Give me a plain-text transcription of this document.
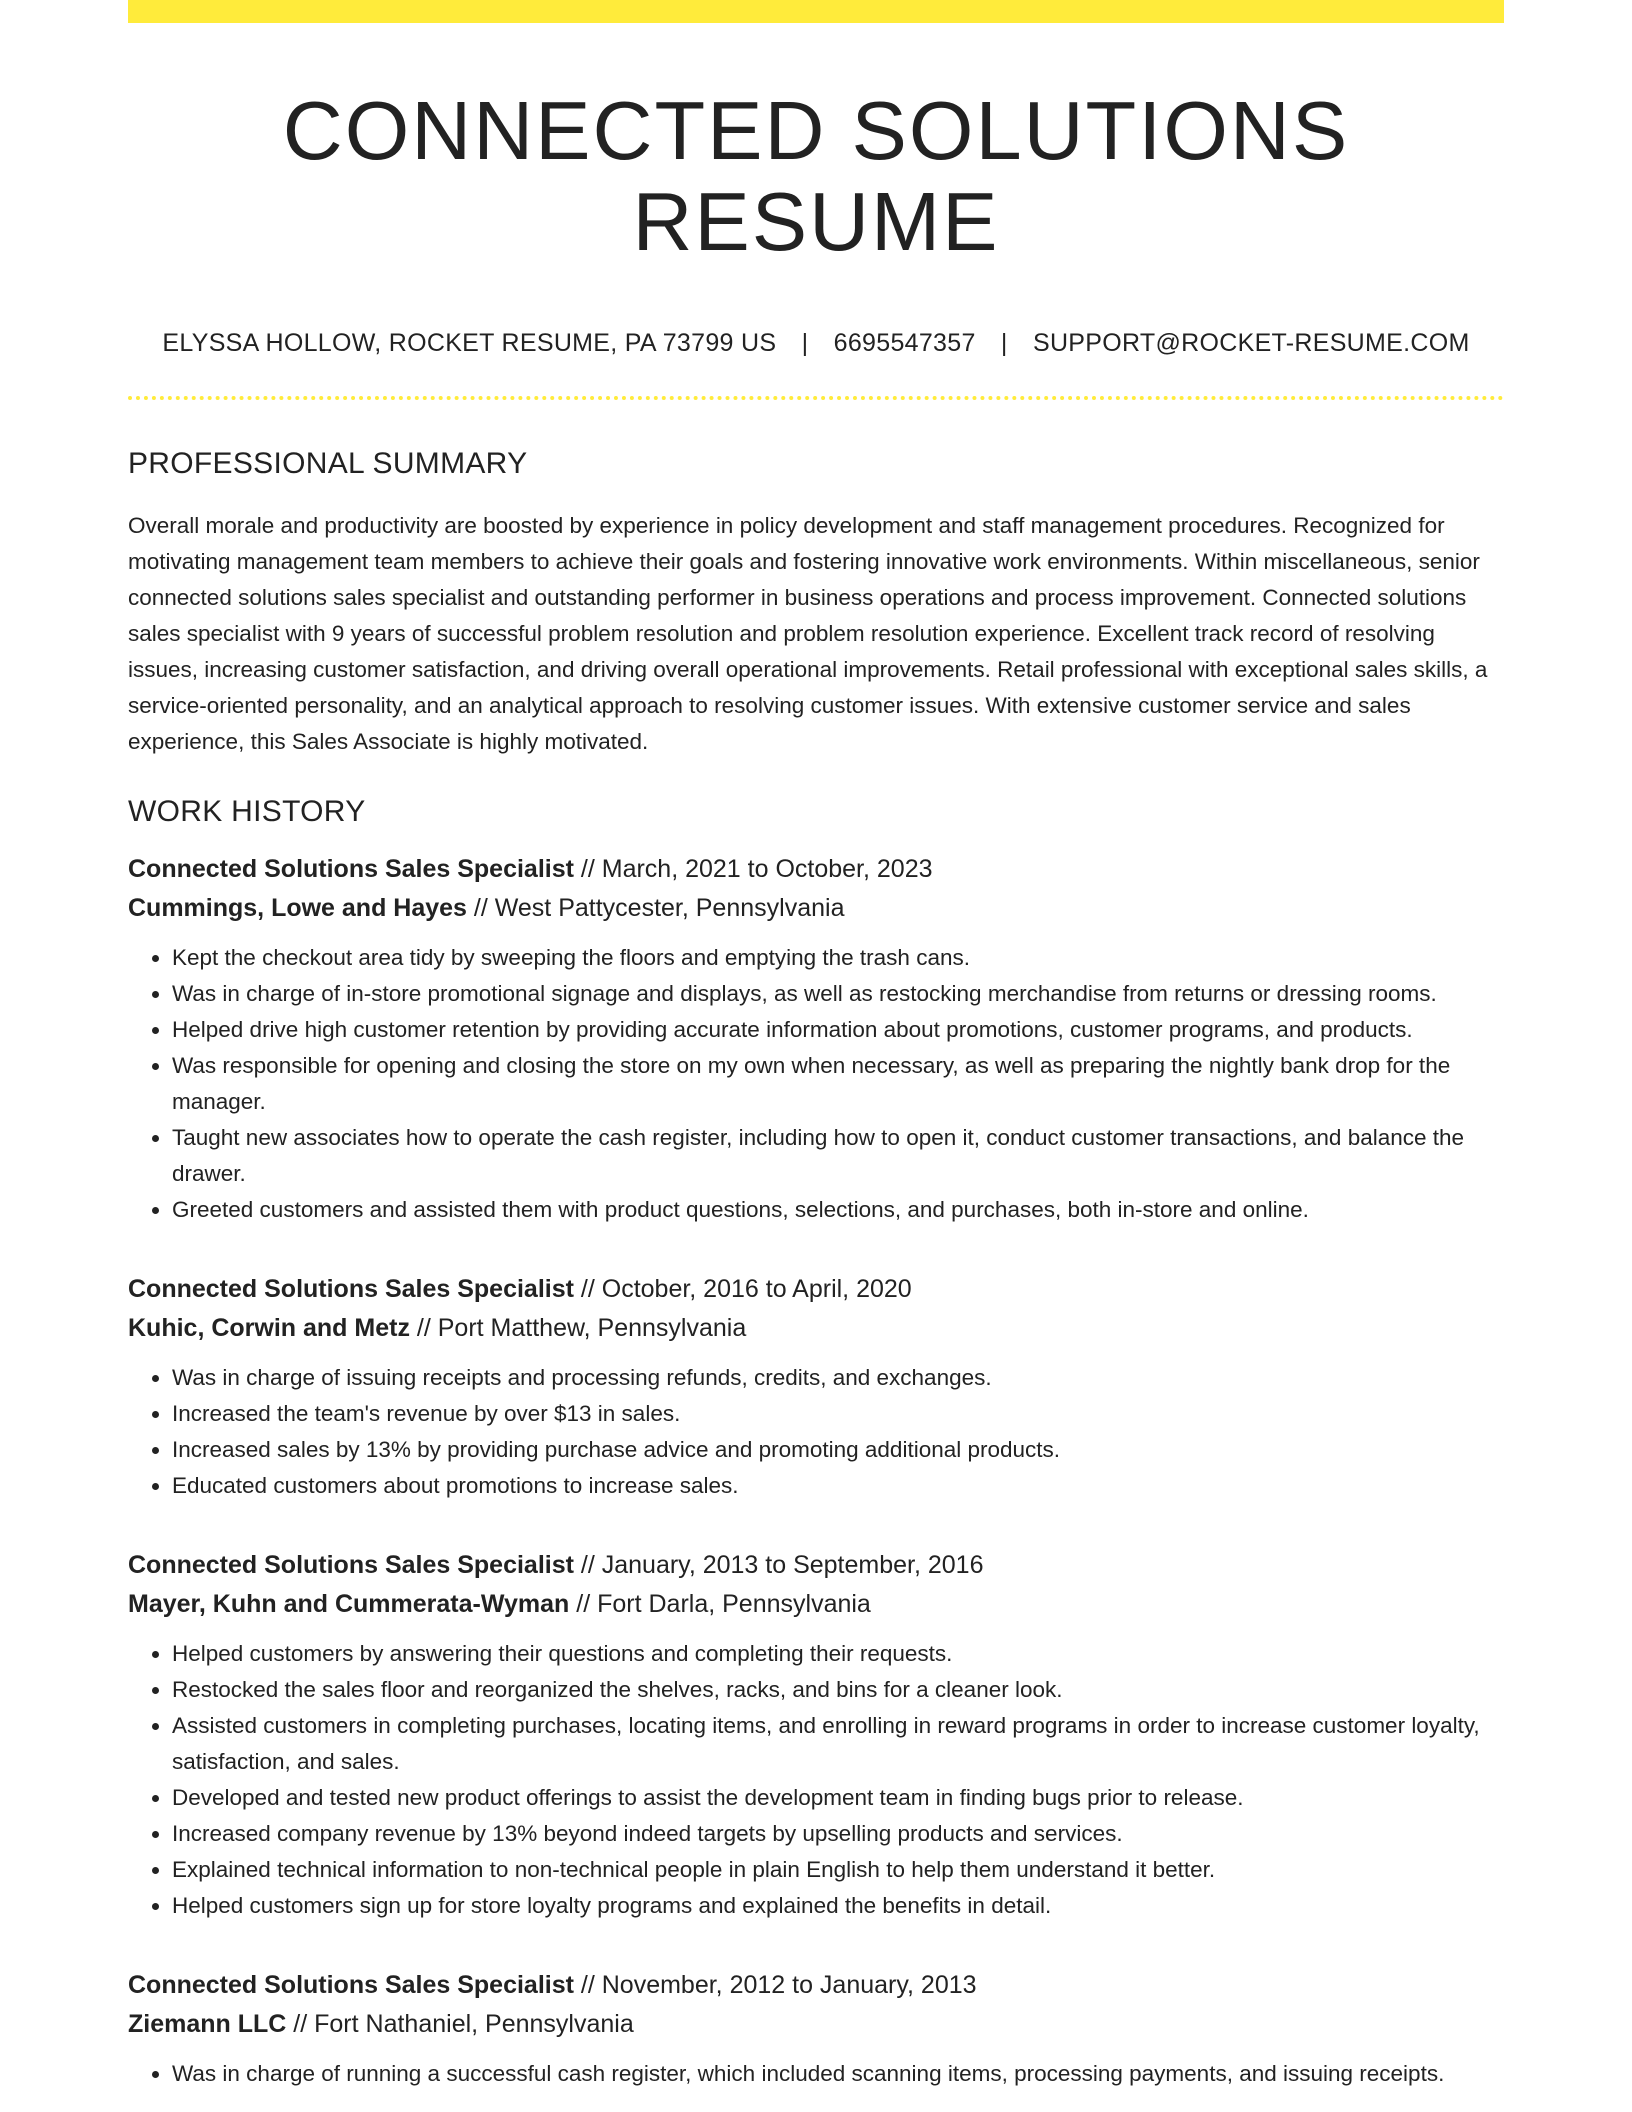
CONNECTED SOLUTIONS RESUME
ELYSSA HOLLOW, ROCKET RESUME, PA 73799 US | 6695547357 | SUPPORT@ROCKET-RESUME.COM
PROFESSIONAL SUMMARY

Overall morale and productivity are boosted by experience in policy development and staff management procedures. Recognized for motivating management team members to achieve their goals and fostering innovative work environments. Within miscellaneous, senior connected solutions sales specialist and outstanding performer in business operations and process improvement. Connected solutions sales specialist with 9 years of successful problem resolution and problem resolution experience. Excellent track record of resolving issues, increasing customer satisfaction, and driving overall operational improvements. Retail professional with exceptional sales skills, a service-oriented personality, and an analytical approach to resolving customer issues. With extensive customer service and sales experience, this Sales Associate is highly motivated.

WORK HISTORY
Connected Solutions Sales Specialist // March, 2021 to October, 2023
Cummings, Lowe and Hayes // West Pattycester, Pennsylvania
• Kept the checkout area tidy by sweeping the floors and emptying the trash cans.
• Was in charge of in-store promotional signage and displays, as well as restocking merchandise from returns or dressing rooms.
• Helped drive high customer retention by providing accurate information about promotions, customer programs, and products.
• Was responsible for opening and closing the store on my own when necessary, as well as preparing the nightly bank drop for the manager.
• Taught new associates how to operate the cash register, including how to open it, conduct customer transactions, and balance the drawer.
• Greeted customers and assisted them with product questions, selections, and purchases, both in-store and online.
Connected Solutions Sales Specialist // October, 2016 to April, 2020
Kuhic, Corwin and Metz // Port Matthew, Pennsylvania
• Was in charge of issuing receipts and processing refunds, credits, and exchanges.
• Increased the team's revenue by over $13 in sales.
• Increased sales by 13% by providing purchase advice and promoting additional products.
• Educated customers about promotions to increase sales.
Connected Solutions Sales Specialist // January, 2013 to September, 2016
Mayer, Kuhn and Cummerata-Wyman // Fort Darla, Pennsylvania
• Helped customers by answering their questions and completing their requests.
• Restocked the sales floor and reorganized the shelves, racks, and bins for a cleaner look.
• Assisted customers in completing purchases, locating items, and enrolling in reward programs in order to increase customer loyalty, satisfaction, and sales.
• Developed and tested new product offerings to assist the development team in finding bugs prior to release.
• Increased company revenue by 13% beyond indeed targets by upselling products and services.
• Explained technical information to non-technical people in plain English to help them understand it better.
• Helped customers sign up for store loyalty programs and explained the benefits in detail.
Connected Solutions Sales Specialist // November, 2012 to January, 2013
Ziemann LLC // Fort Nathaniel, Pennsylvania
• Was in charge of running a successful cash register, which included scanning items, processing payments, and issuing receipts.
